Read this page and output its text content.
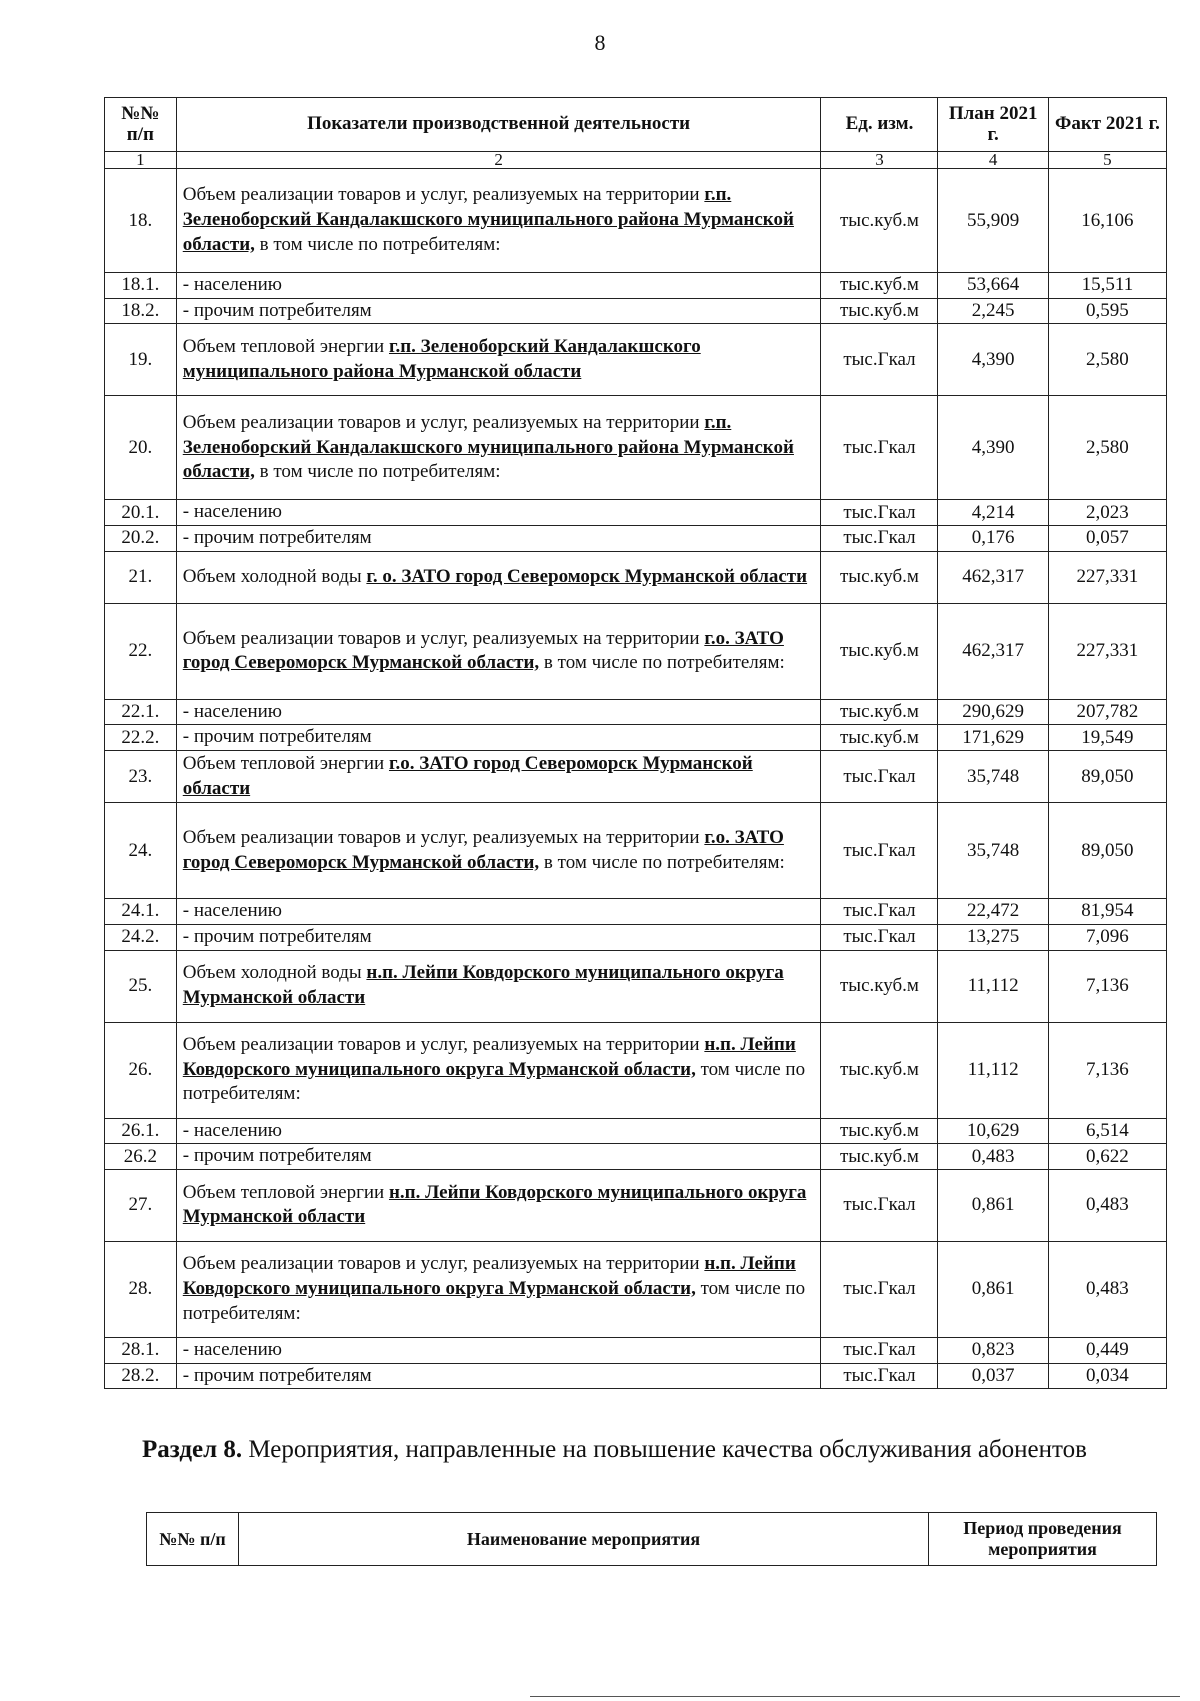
8
№№ п/п	Показатели производственной деятельности	Ед. изм.	План 2021 г.	Факт 2021 г.
1	2	3	4	5
18.	Объем реализации товаров и услуг, реализуемых на территории г.п. Зеленоборский Кандалакшского муниципального района Мурманской области, в том числе по потребителям:	тыс.куб.м	55,909	16,106
18.1.	- населению	тыс.куб.м	53,664	15,511
18.2.	- прочим потребителям	тыс.куб.м	2,245	0,595
19.	Объем тепловой энергии г.п. Зеленоборский Кандалакшского муниципального района Мурманской области	тыс.Гкал	4,390	2,580
20.	Объем реализации товаров и услуг, реализуемых на территории г.п. Зеленоборский Кандалакшского муниципального района Мурманской области, в том числе по потребителям:	тыс.Гкал	4,390	2,580
20.1.	- населению	тыс.Гкал	4,214	2,023
20.2.	- прочим потребителям	тыс.Гкал	0,176	0,057
21.	Объем холодной воды г. о. ЗАТО город Североморск Мурманской области	тыс.куб.м	462,317	227,331
22.	Объем реализации товаров и услуг, реализуемых на территории г.о. ЗАТО город Североморск Мурманской области, в том числе по потребителям:	тыс.куб.м	462,317	227,331
22.1.	- населению	тыс.куб.м	290,629	207,782
22.2.	- прочим потребителям	тыс.куб.м	171,629	19,549
23.	Объем тепловой энергии г.о. ЗАТО город Североморск Мурманской области	тыс.Гкал	35,748	89,050
24.	Объем реализации товаров и услуг, реализуемых на территории г.о. ЗАТО город Североморск Мурманской области, в том числе по потребителям:	тыс.Гкал	35,748	89,050
24.1.	- населению	тыс.Гкал	22,472	81,954
24.2.	- прочим потребителям	тыс.Гкал	13,275	7,096
25.	Объем холодной воды н.п. Лейпи Ковдорского муниципального округа Мурманской области	тыс.куб.м	11,112	7,136
26.	Объем реализации товаров и услуг, реализуемых на территории н.п. Лейпи Ковдорского муниципального округа Мурманской области, том числе по потребителям:	тыс.куб.м	11,112	7,136
26.1.	- населению	тыс.куб.м	10,629	6,514
26.2	- прочим потребителям	тыс.куб.м	0,483	0,622
27.	Объем тепловой энергии н.п. Лейпи Ковдорского муниципального округа Мурманской области	тыс.Гкал	0,861	0,483
28.	Объем реализации товаров и услуг, реализуемых на территории н.п. Лейпи Ковдорского муниципального округа Мурманской области, том числе по потребителям:	тыс.Гкал	0,861	0,483
28.1.	- населению	тыс.Гкал	0,823	0,449
28.2.	- прочим потребителям	тыс.Гкал	0,037	0,034
Раздел 8. Мероприятия, направленные на повышение качества обслуживания абонентов
№№ п/п	Наименование мероприятия	Период проведения мероприятия
